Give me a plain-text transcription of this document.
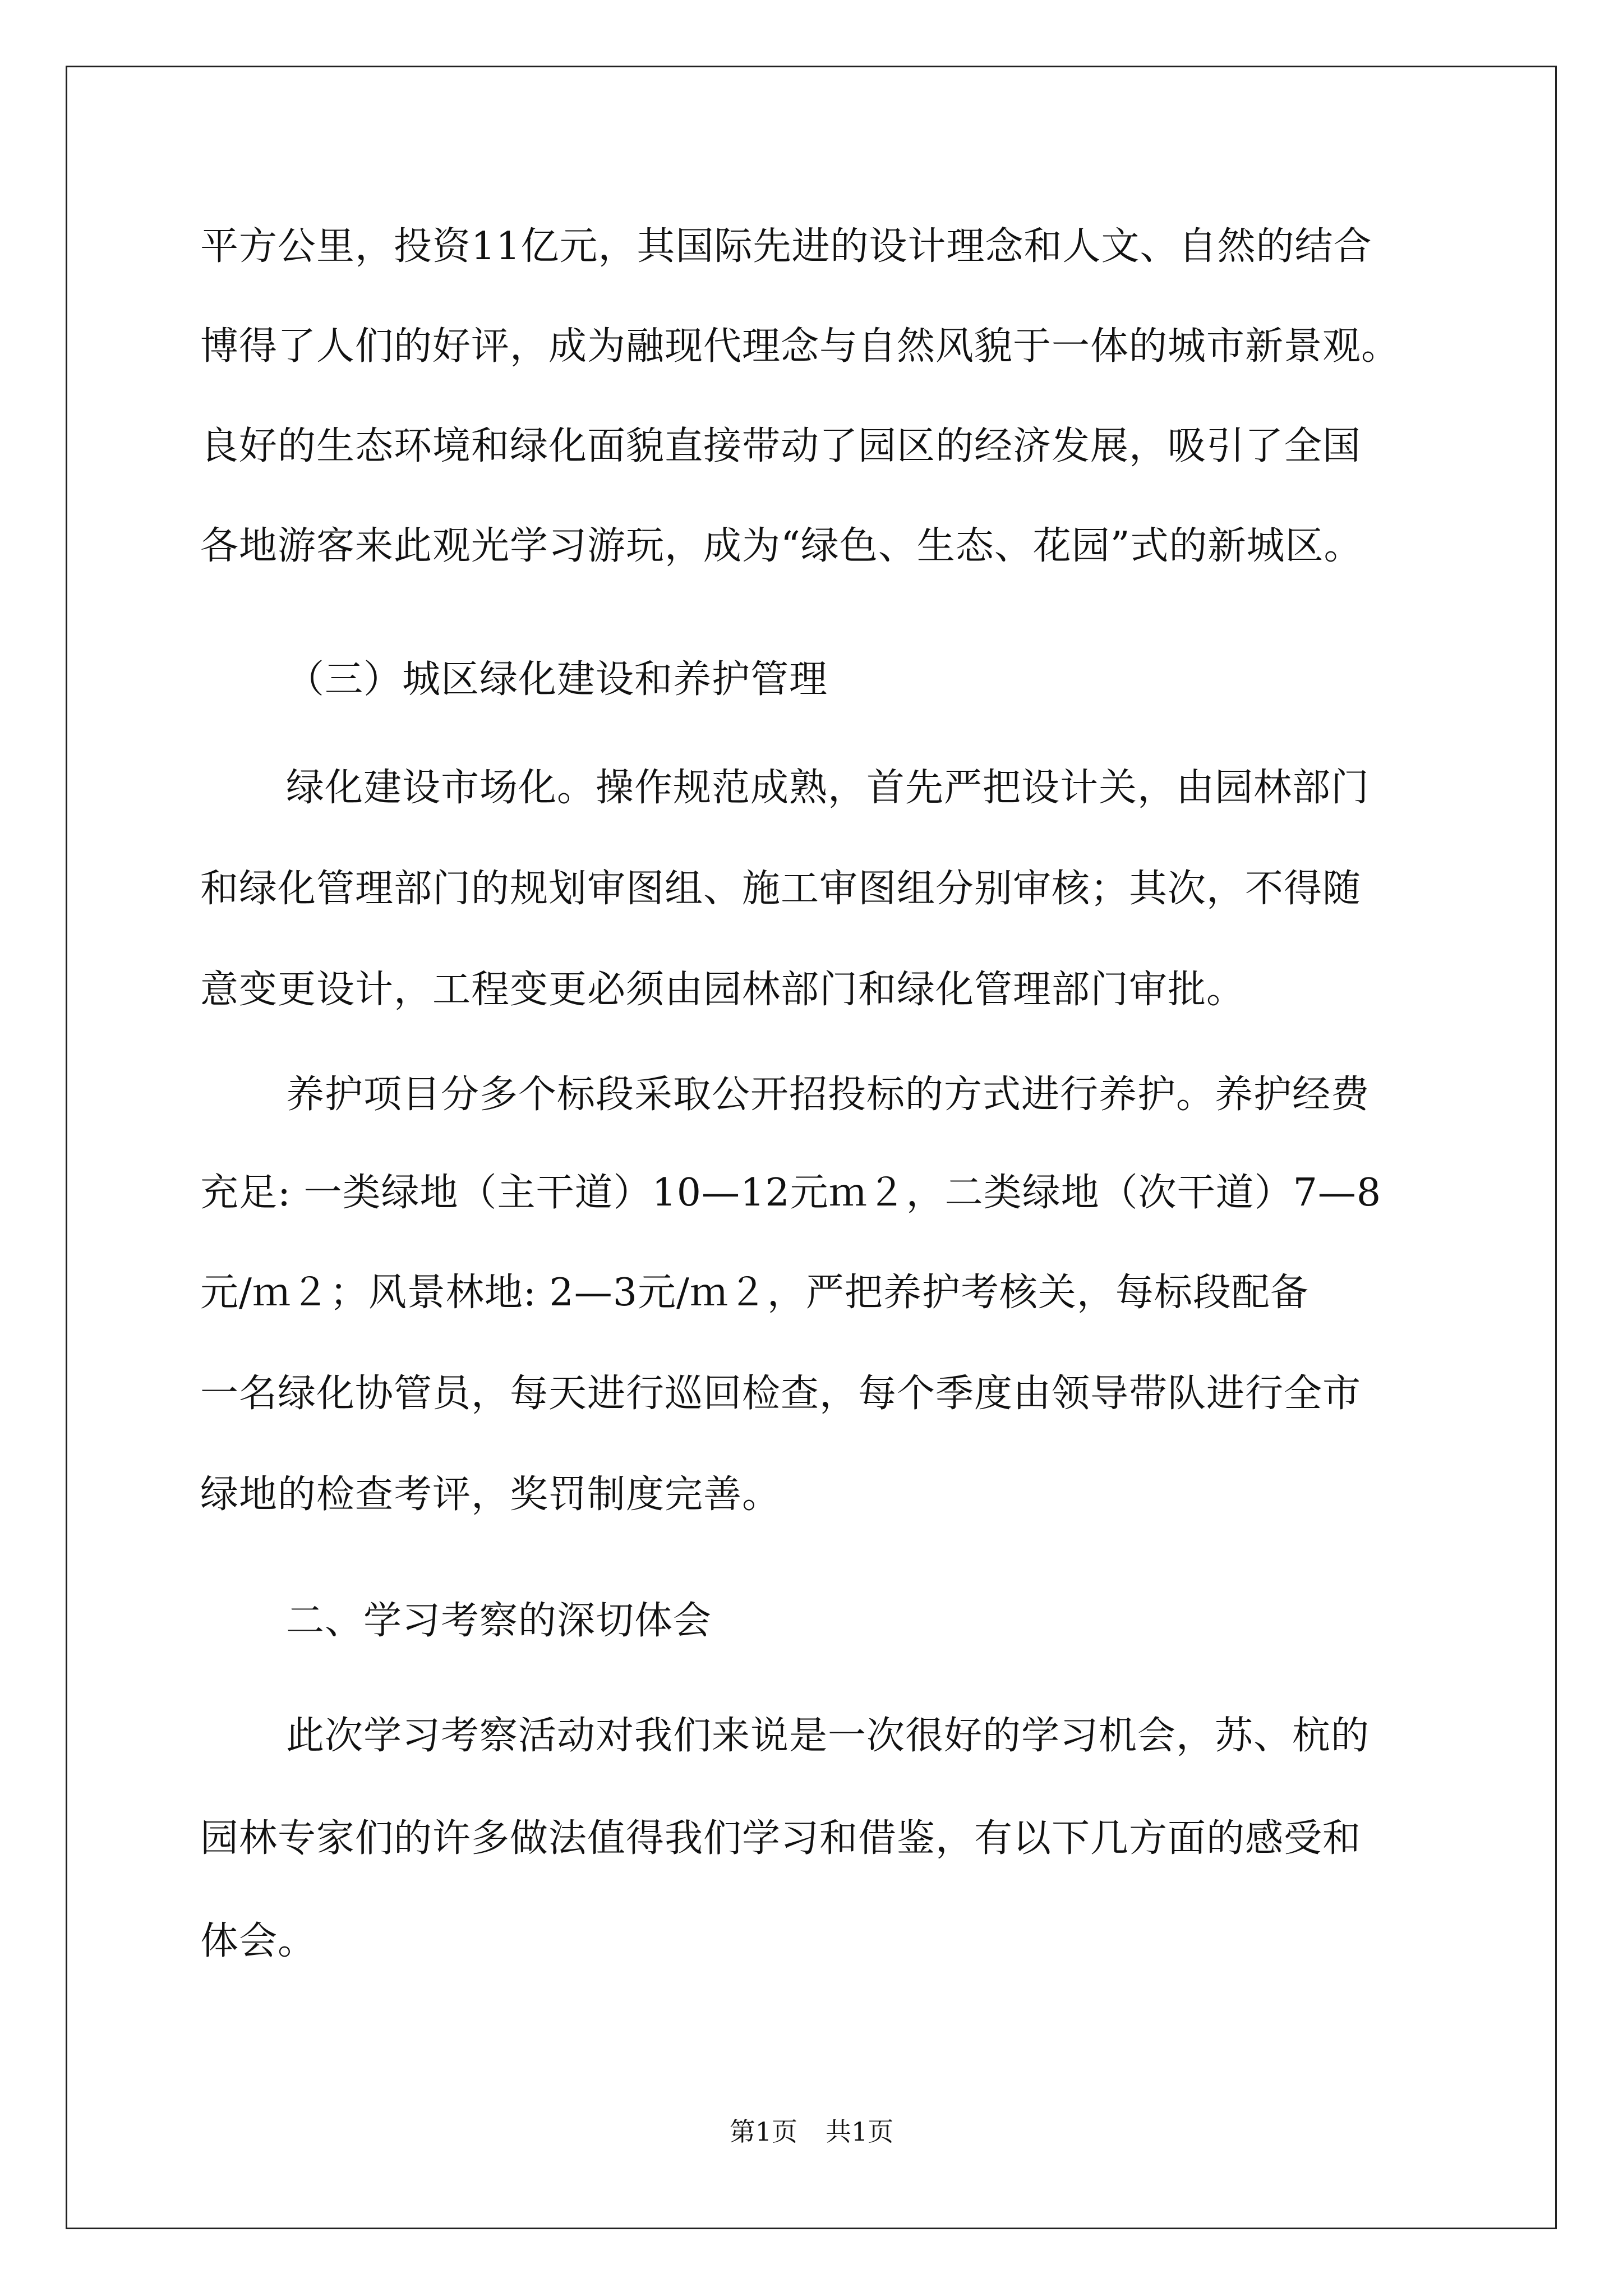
平方公里，投资11亿元，其国际先进的设计理念和人文、自然的结合
博得了人们的好评，成为融现代理念与自然风貌于一体的城市新景观。
良好的生态环境和绿化面貌直接带动了园区的经济发展，吸引了全国
各地游客来此观光学习游玩，成为“绿色、生态、花园”式的新城区。
（三）城区绿化建设和养护管理
绿化建设市场化。操作规范成熟，首先严把设计关，由园林部门
和绿化管理部门的规划审图组、施工审图组分别审核；其次，不得随
意变更设计，工程变更必须由园林部门和绿化管理部门审批。
养护项目分多个标段采取公开招投标的方式进行养护。养护经费
充足: 一类绿地（主干道）10—12元ｍ２，二类绿地（次干道）7—8
元/ｍ２；风景林地: 2—3元/ｍ２，严把养护考核关，每标段配备
一名绿化协管员，每天进行巡回检查，每个季度由领导带队进行全市
绿地的检查考评，奖罚制度完善。
二、学习考察的深切体会
此次学习考察活动对我们来说是一次很好的学习机会，苏、杭的
园林专家们的许多做法值得我们学习和借鉴，有以下几方面的感受和
体会。
第1页 共1页
